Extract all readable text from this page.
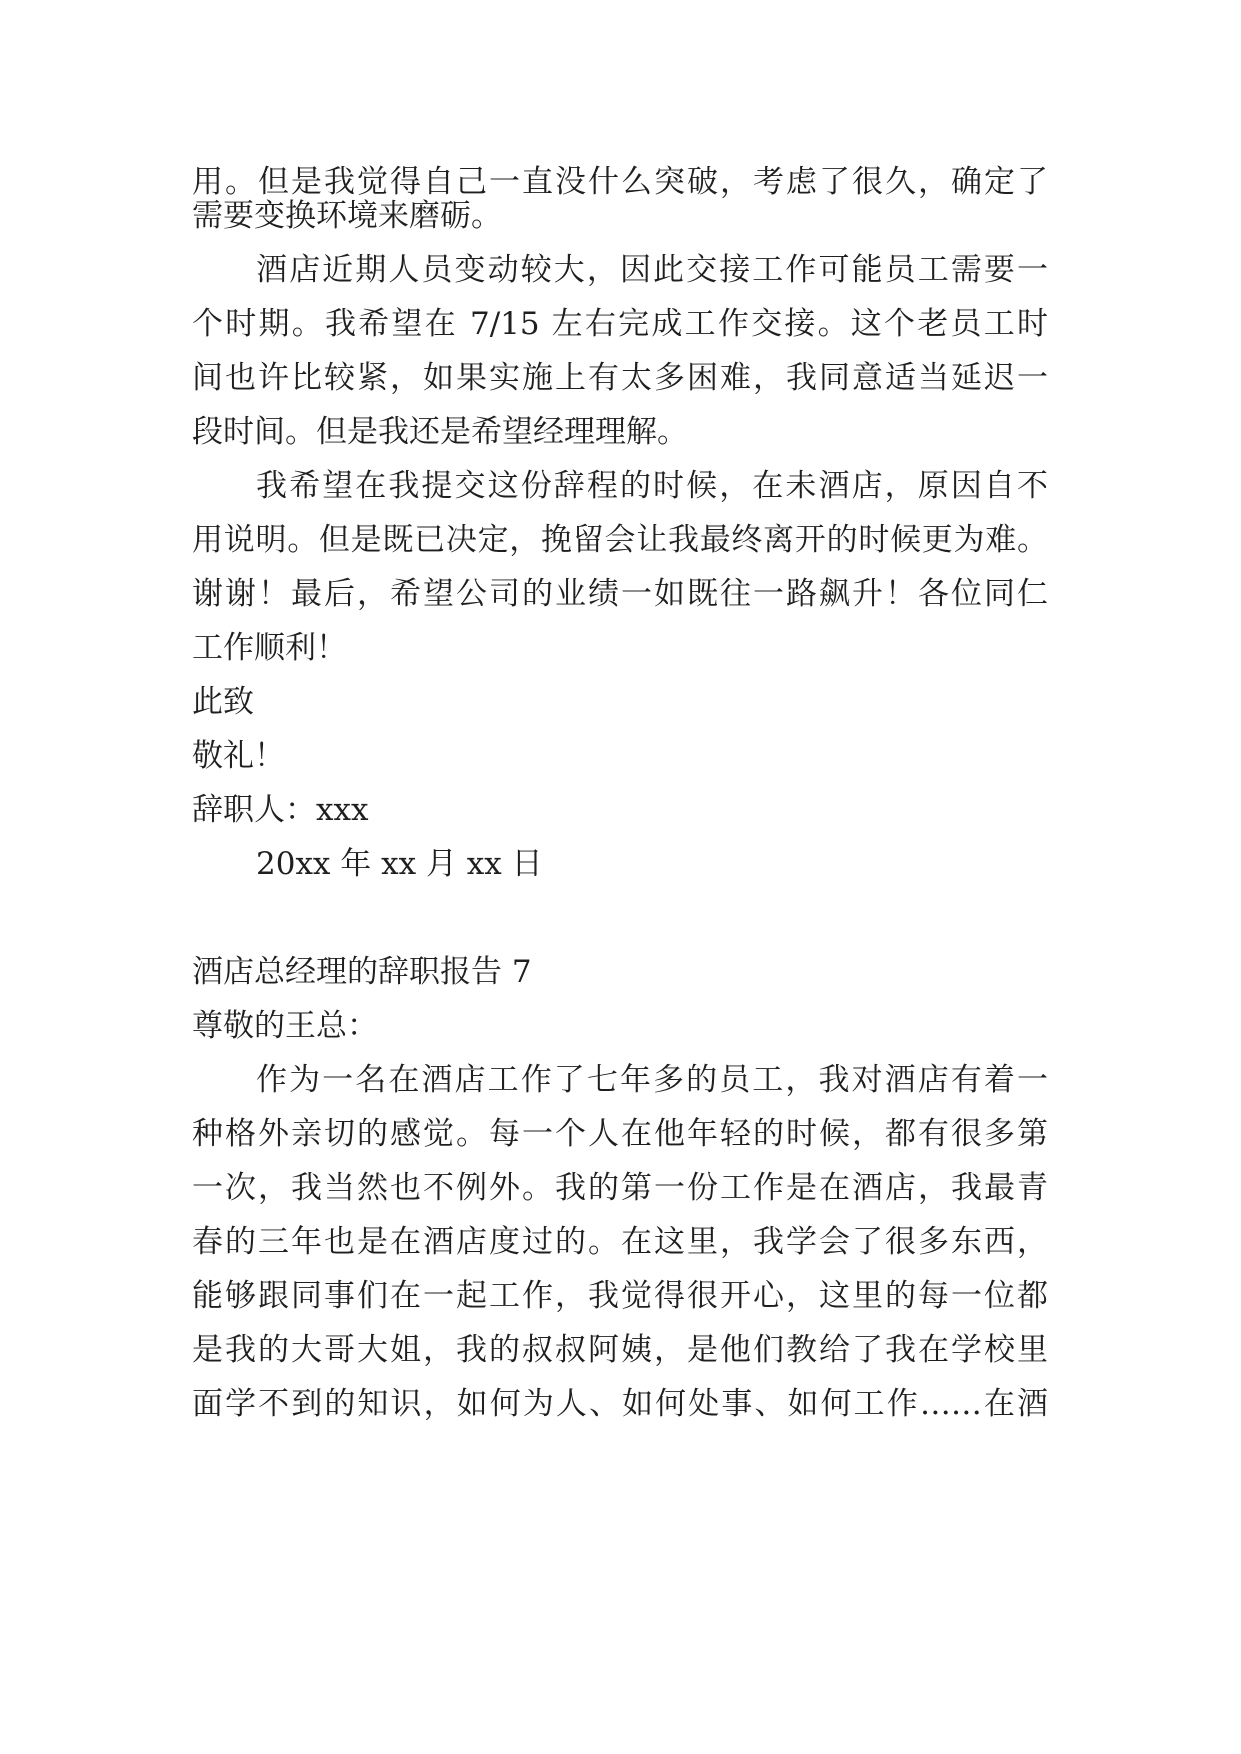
用。但是我觉得自己一直没什么突破，考虑了很久，确定了
需要变换环境来磨砺。
酒店近期人员变动较大，因此交接工作可能员工需要一
个时期。我希望在 7/15 左右完成工作交接。这个老员工时
间也许比较紧，如果实施上有太多困难，我同意适当延迟一
段时间。但是我还是希望经理理解。
我希望在我提交这份辞程的时候，在未酒店，原因自不
用说明。但是既已决定，挽留会让我最终离开的时候更为难。
谢谢！最后，希望公司的业绩一如既往一路飙升！各位同仁
工作顺利！
此致
敬礼！
辞职人：xxx
20xx 年 xx 月 xx 日
酒店总经理的辞职报告 7
尊敬的王总：
作为一名在酒店工作了七年多的员工，我对酒店有着一
种格外亲切的感觉。每一个人在他年轻的时候，都有很多第
一次，我当然也不例外。我的第一份工作是在酒店，我最青
春的三年也是在酒店度过的。在这里，我学会了很多东西，
能够跟同事们在一起工作，我觉得很开心，这里的每一位都
是我的大哥大姐，我的叔叔阿姨，是他们教给了我在学校里
面学不到的知识，如何为人、如何处事、如何工作……在酒
